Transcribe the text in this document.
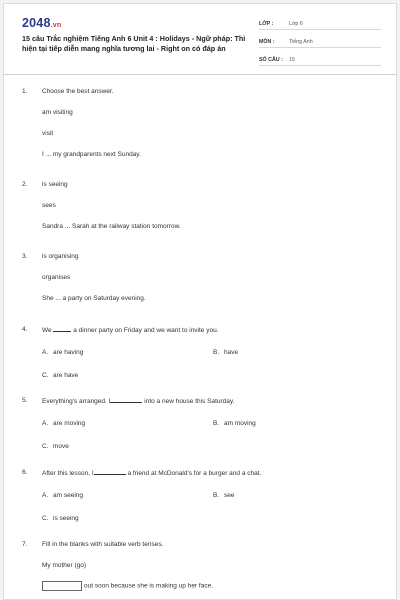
2048.vn
15 câu Trắc nghiệm Tiếng Anh 6 Unit 4 : Holidays - Ngữ pháp: Thì hiện tại tiếp diễn mang nghĩa tương lai - Right on có đáp án
LỚP :	Lớp 6
MÔN :	Tiếng Anh
SỐ CÂU :	15
1.	Choose the best answer.
am visiting
visit
I ... my grandparents next Sunday.
2.	is seeing
sees
Sandra ... Sarah at the railway station tomorrow.
3.	is organising
organises
She ... a party on Saturday evening.
4.	We	a dinner party on Friday and we want to invite you.
A. are having	B. have
C. are have
5.	Everything's arranged. I	into a new house this Saturday.
A. are moving	B. am moving
C. move
6.	After this lesson, I	a friend at McDonald's for a burger and a chat.
A. am seeing	B. see
C. is seeing
7.	Fill in the blanks with suitable verb tenses.
My mother (go)
out soon because she is making up her face.
